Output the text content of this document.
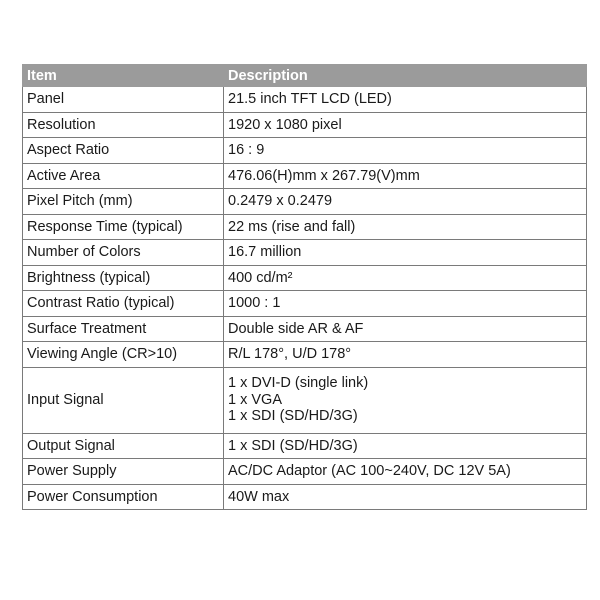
Item	Description
Panel	21.5 inch TFT LCD (LED)

Resolution	1920 x 1080 pixel

Aspect Ratio	16 : 9

Active Area	476.06(H)mm x 267.79(V)mm

Pixel Pitch (mm)	0.2479 x 0.2479

Response Time (typical)	22 ms (rise and fall)

Number of Colors	16.7 million

Brightness (typical)	400 cd/m²

Contrast Ratio (typical)	1000 : 1

Surface Treatment	Double side AR & AF

Viewing Angle (CR>10)	R/L 178°, U/D 178°

Input Signal	1 x DVI-D (single link)
1 x VGA
1 x SDI (SD/HD/3G)

Output Signal	1 x SDI (SD/HD/3G)

Power Supply	AC/DC Adaptor (AC 100~240V, DC 12V 5A)

Power Consumption	40W max
